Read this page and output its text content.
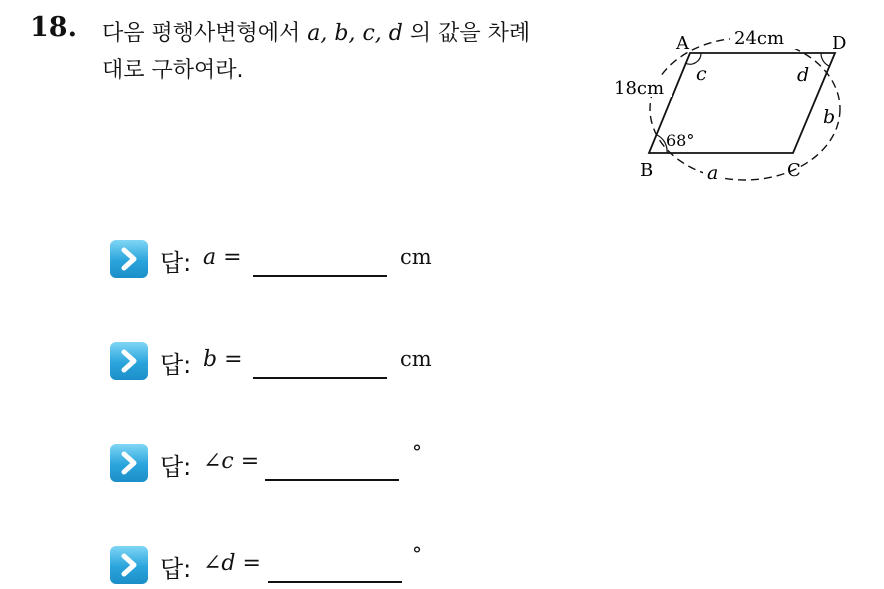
18. 다음 평행사변형에서 a, b, c, d 의 값을 차례
대로 구하여라.
A	D
B	C
24cm
18cm
68°
a
b
c	d
답: a =	cm
답: b =	cm
답: ∠c =	°
답: ∠d =	°
